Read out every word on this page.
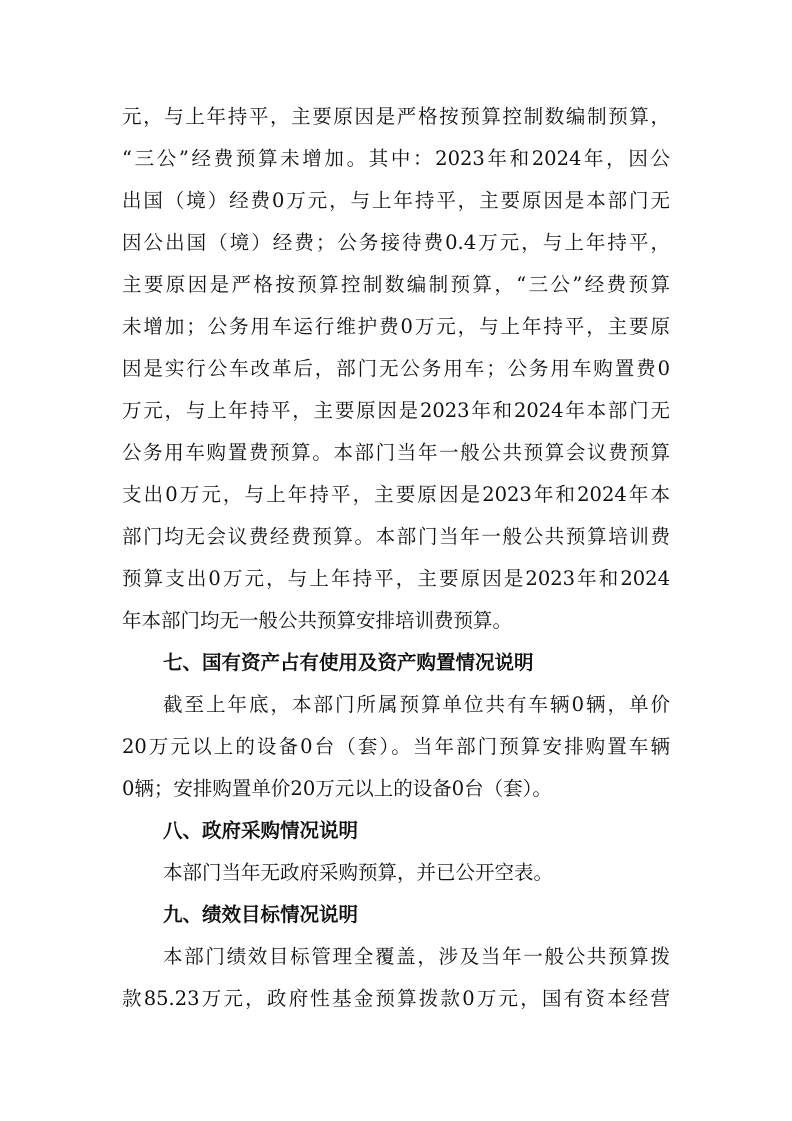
元，与上年持平，主要原因是严格按预算控制数编制预算，
“三公”经费预算未增加。其中：2023年和2024年，因公
出国（境）经费0万元，与上年持平，主要原因是本部门无
因公出国（境）经费；公务接待费0.4万元，与上年持平，
主要原因是严格按预算控制数编制预算，“三公”经费预算
未增加；公务用车运行维护费0万元，与上年持平，主要原
因是实行公车改革后，部门无公务用车；公务用车购置费0
万元，与上年持平，主要原因是2023年和2024年本部门无
公务用车购置费预算。本部门当年一般公共预算会议费预算
支出0万元，与上年持平，主要原因是2023年和2024年本
部门均无会议费经费预算。本部门当年一般公共预算培训费
预算支出0万元，与上年持平，主要原因是2023年和2024
年本部门均无一般公共预算安排培训费预算。
七、国有资产占有使用及资产购置情况说明
截至上年底，本部门所属预算单位共有车辆0辆，单价
20万元以上的设备0台（套）。当年部门预算安排购置车辆
0辆；安排购置单价20万元以上的设备0台（套）。
八、政府采购情况说明
本部门当年无政府采购预算，并已公开空表。
九、绩效目标情况说明
本部门绩效目标管理全覆盖，涉及当年一般公共预算拨
款85.23万元，政府性基金预算拨款0万元，国有资本经营
